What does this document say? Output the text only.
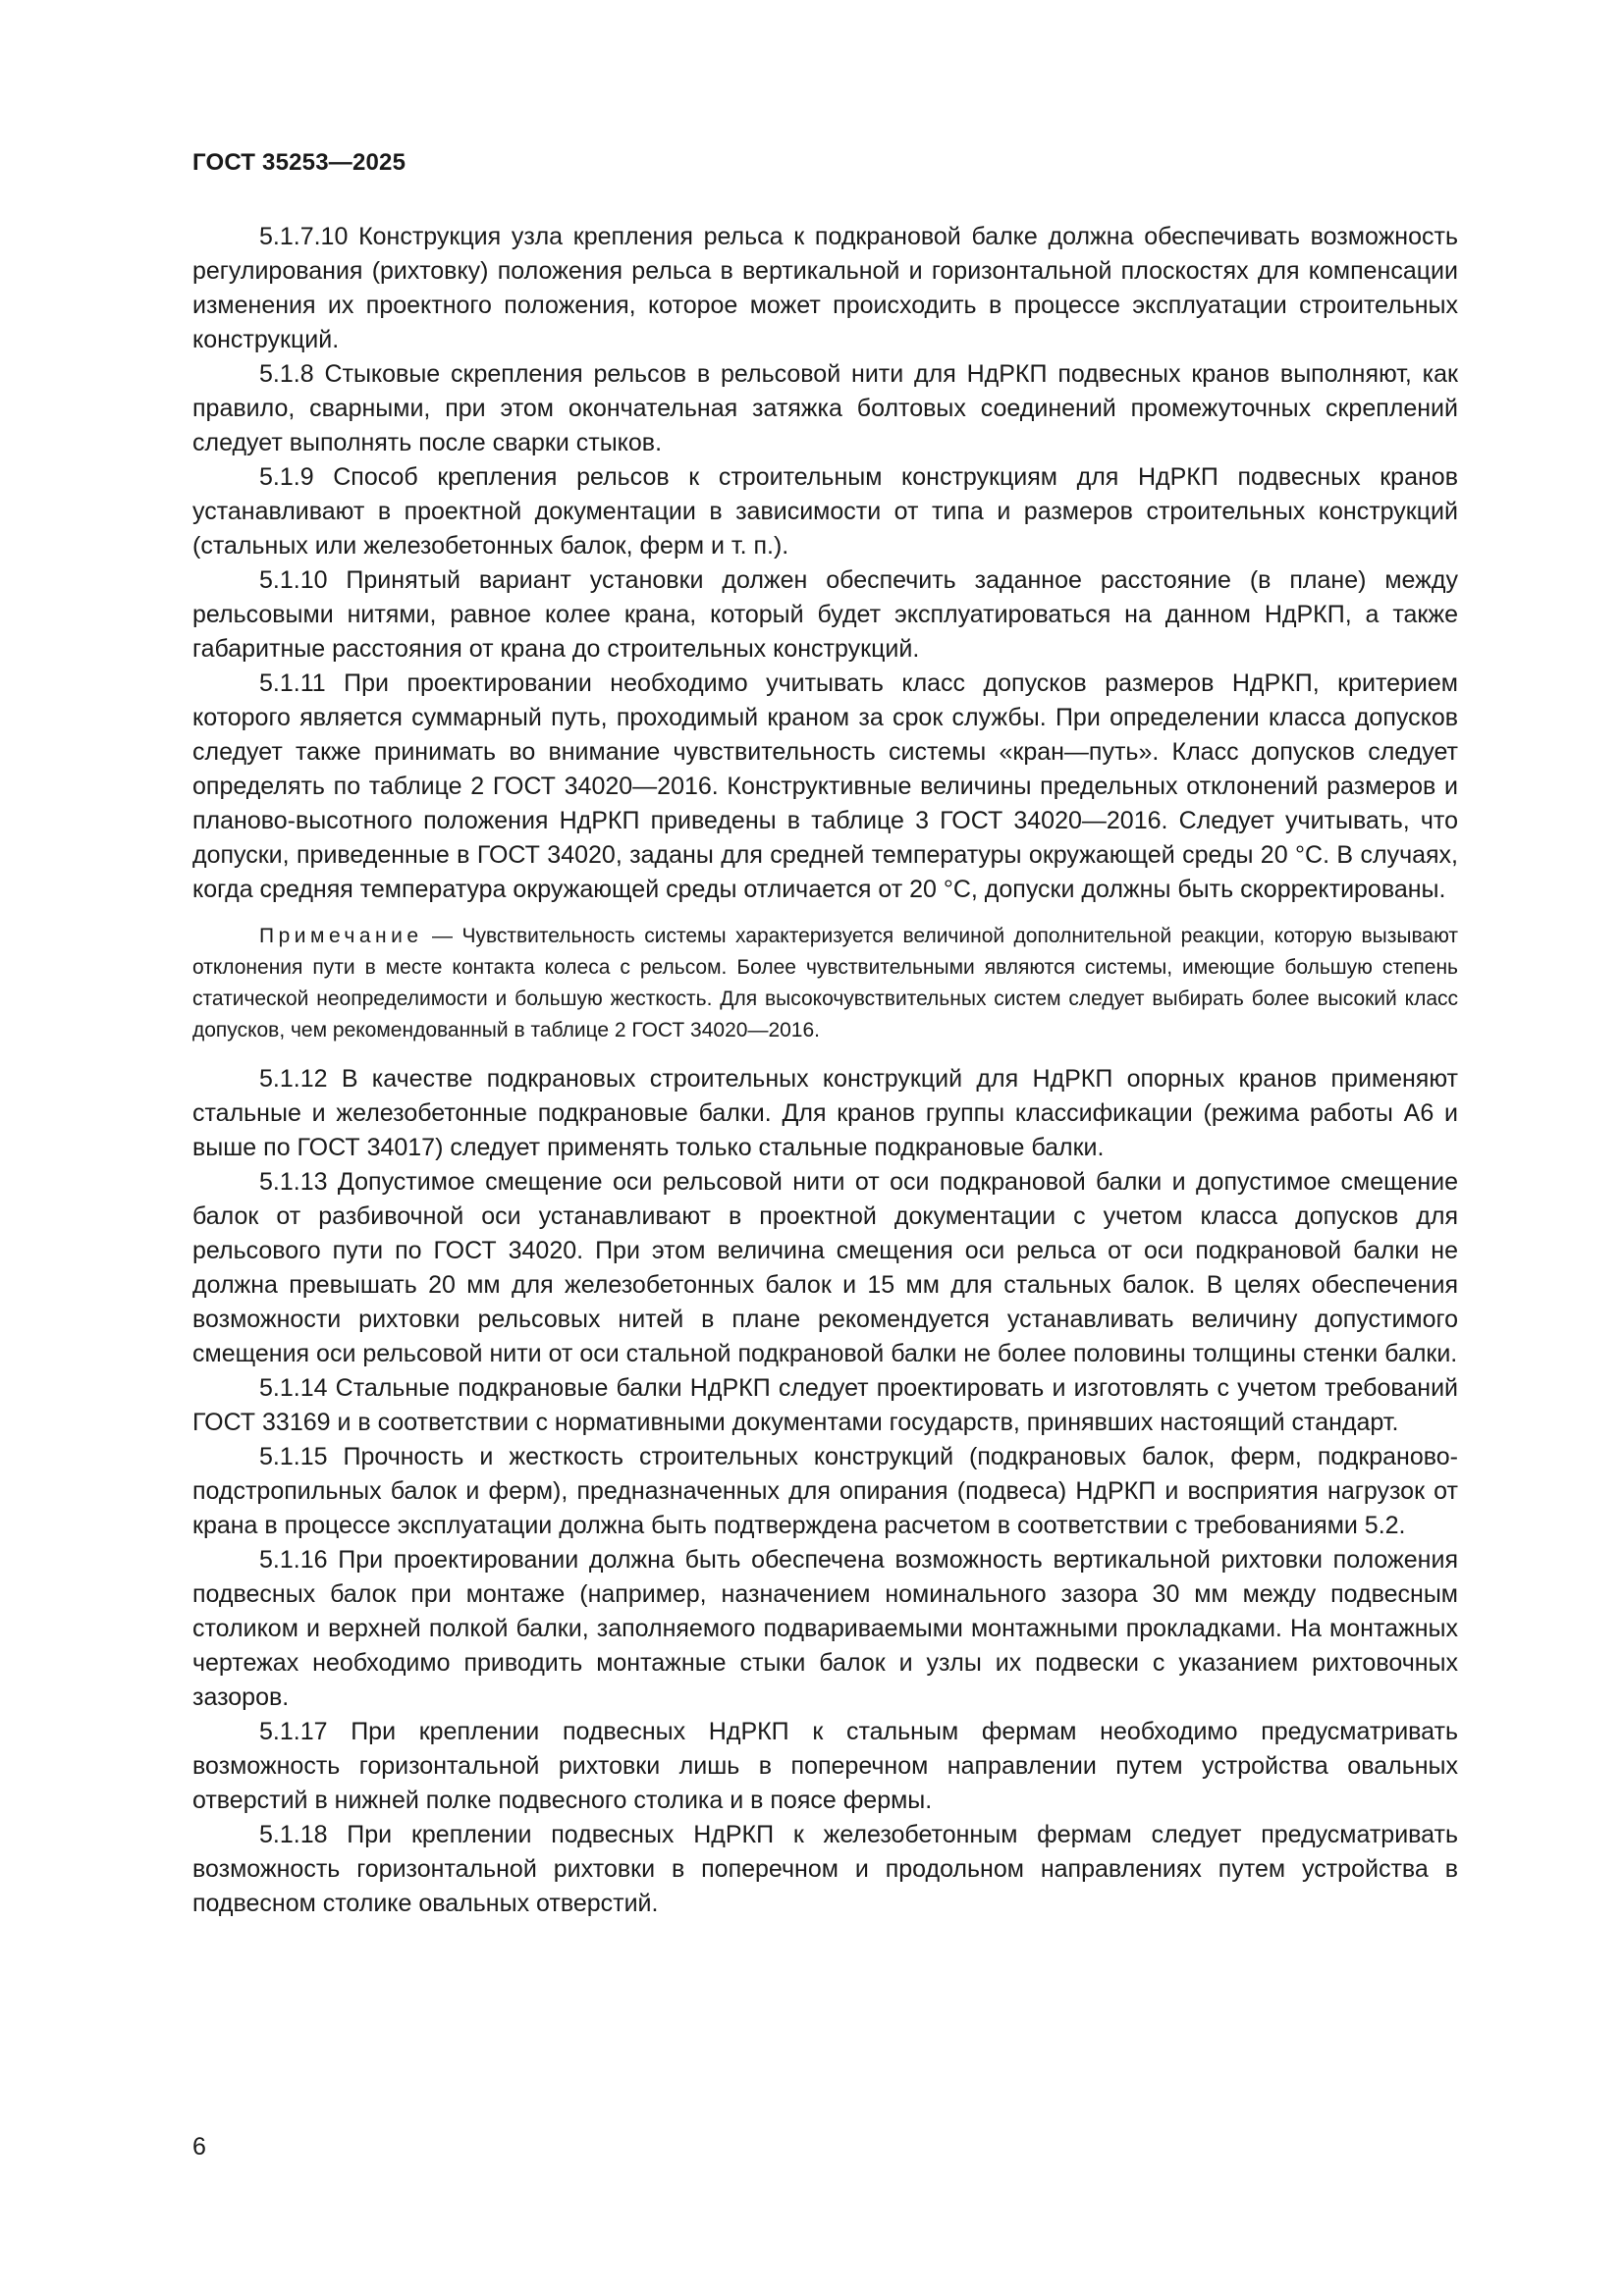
ГОСТ 35253—2025

5.1.7.10 Конструкция узла крепления рельса к подкрановой балке должна обеспечивать возможность регулирования (рихтовку) положения рельса в вертикальной и горизонтальной плоскостях для компенсации изменения их проектного положения, которое может происходить в процессе эксплуатации строительных конструкций.

5.1.8 Стыковые скрепления рельсов в рельсовой нити для НдРКП подвесных кранов выполняют, как правило, сварными, при этом окончательная затяжка болтовых соединений промежуточных скреплений следует выполнять после сварки стыков.

5.1.9 Способ крепления рельсов к строительным конструкциям для НдРКП подвесных кранов устанавливают в проектной документации в зависимости от типа и размеров строительных конструкций (стальных или железобетонных балок, ферм и т. п.).

5.1.10 Принятый вариант установки должен обеспечить заданное расстояние (в плане) между рельсовыми нитями, равное колее крана, который будет эксплуатироваться на данном НдРКП, а также габаритные расстояния от крана до строительных конструкций.

5.1.11 При проектировании необходимо учитывать класс допусков размеров НдРКП, критерием которого является суммарный путь, проходимый краном за срок службы. При определении класса допусков следует также принимать во внимание чувствительность системы «кран—путь». Класс допусков следует определять по таблице 2 ГОСТ 34020—2016. Конструктивные величины предельных отклонений размеров и планово-высотного положения НдРКП приведены в таблице 3 ГОСТ 34020—2016. Следует учитывать, что допуски, приведенные в ГОСТ 34020, заданы для средней температуры окружающей среды 20 °С. В случаях, когда средняя температура окружающей среды отличается от 20 °С, допуски должны быть скорректированы.

Примечание — Чувствительность системы характеризуется величиной дополнительной реакции, которую вызывают отклонения пути в месте контакта колеса с рельсом. Более чувствительными являются системы, имеющие большую степень статической неопределимости и большую жесткость. Для высокочувствительных систем следует выбирать более высокий класс допусков, чем рекомендованный в таблице 2 ГОСТ 34020—2016.

5.1.12 В качестве подкрановых строительных конструкций для НдРКП опорных кранов применяют стальные и железобетонные подкрановые балки. Для кранов группы классификации (режима работы А6 и выше по ГОСТ 34017) следует применять только стальные подкрановые балки.

5.1.13 Допустимое смещение оси рельсовой нити от оси подкрановой балки и допустимое смещение балок от разбивочной оси устанавливают в проектной документации с учетом класса допусков для рельсового пути по ГОСТ 34020. При этом величина смещения оси рельса от оси подкрановой балки не должна превышать 20 мм для железобетонных балок и 15 мм для стальных балок. В целях обеспечения возможности рихтовки рельсовых нитей в плане рекомендуется устанавливать величину допустимого смещения оси рельсовой нити от оси стальной подкрановой балки не более половины толщины стенки балки.

5.1.14 Стальные подкрановые балки НдРКП следует проектировать и изготовлять с учетом требований ГОСТ 33169 и в соответствии с нормативными документами государств, принявших настоящий стандарт.

5.1.15 Прочность и жесткость строительных конструкций (подкрановых балок, ферм, подкраново-подстропильных балок и ферм), предназначенных для опирания (подвеса) НдРКП и восприятия нагрузок от крана в процессе эксплуатации должна быть подтверждена расчетом в соответствии с требованиями 5.2.

5.1.16 При проектировании должна быть обеспечена возможность вертикальной рихтовки положения подвесных балок при монтаже (например, назначением номинального зазора 30 мм между подвесным столиком и верхней полкой балки, заполняемого подвариваемыми монтажными прокладками. На монтажных чертежах необходимо приводить монтажные стыки балок и узлы их подвески с указанием рихтовочных зазоров.

5.1.17 При креплении подвесных НдРКП к стальным фермам необходимо предусматривать возможность горизонтальной рихтовки лишь в поперечном направлении путем устройства овальных отверстий в нижней полке подвесного столика и в поясе фермы.

5.1.18 При креплении подвесных НдРКП к железобетонным фермам следует предусматривать возможность горизонтальной рихтовки в поперечном и продольном направлениях путем устройства в подвесном столике овальных отверстий.

6
